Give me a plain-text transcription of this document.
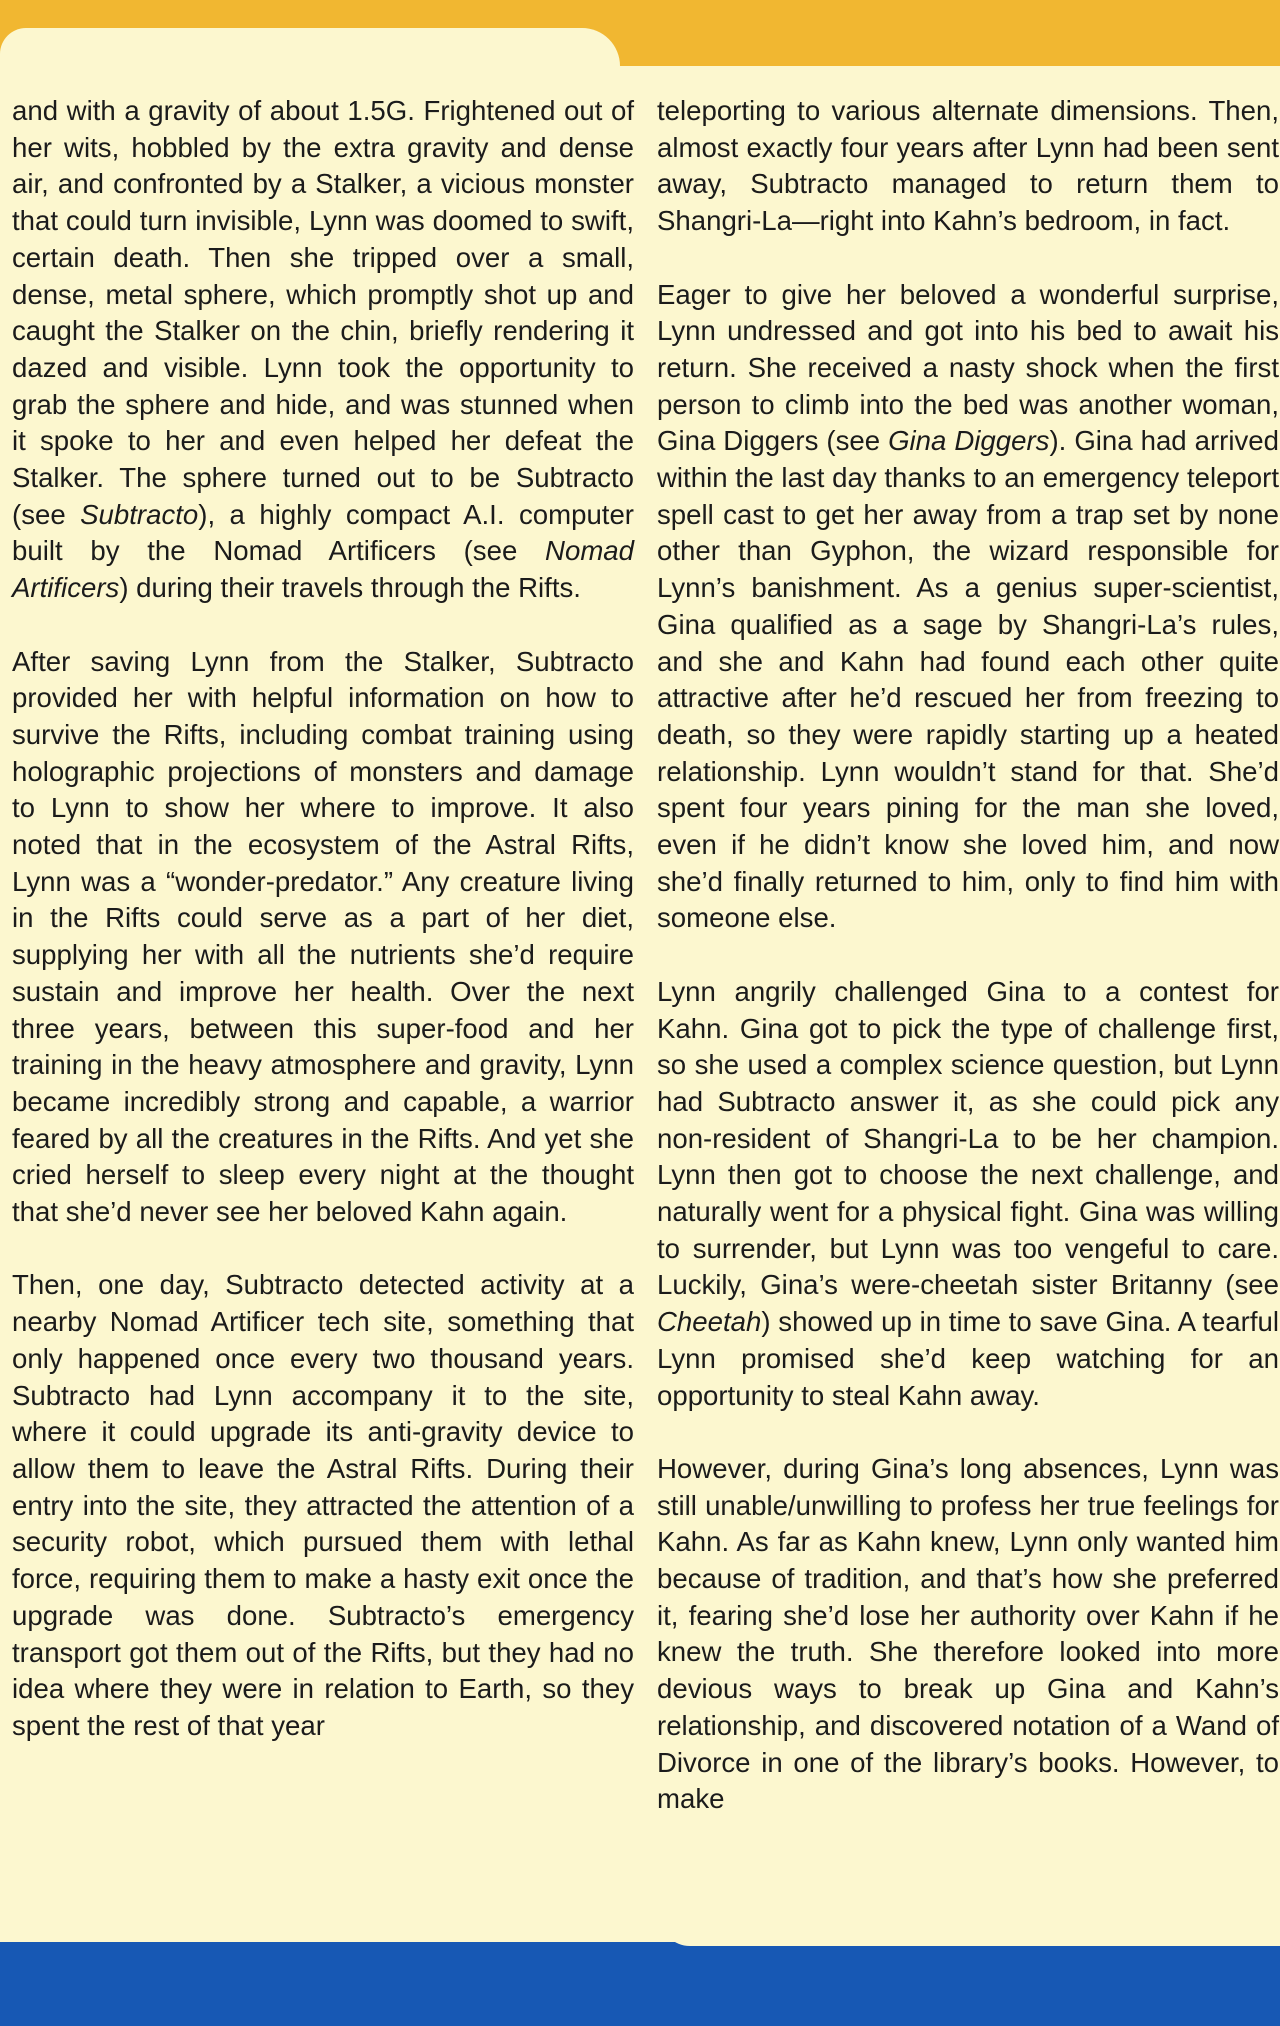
and with a gravity of about 1.5G. Frightened out of her wits, hobbled by the extra gravity and dense air, and confronted by a Stalker, a vicious monster that could turn invisible, Lynn was doomed to swift, certain death. Then she tripped over a small, dense, metal sphere, which promptly shot up and caught the Stalker on the chin, briefly rendering it dazed and visible. Lynn took the opportunity to grab the sphere and hide, and was stunned when it spoke to her and even helped her defeat the Stalker. The sphere turned out to be Subtracto (see Subtracto), a highly compact A.I. computer built by the Nomad Artificers (see Nomad Artificers) during their travels through the Rifts.

After saving Lynn from the Stalker, Subtracto provided her with helpful information on how to survive the Rifts, including combat training using holographic projections of monsters and damage to Lynn to show her where to improve. It also noted that in the ecosystem of the Astral Rifts, Lynn was a “wonder-predator.” Any creature living in the Rifts could serve as a part of her diet, supplying her with all the nutrients she’d require sustain and improve her health. Over the next three years, between this super-food and her training in the heavy atmosphere and gravity, Lynn became incredibly strong and capable, a warrior feared by all the creatures in the Rifts. And yet she cried herself to sleep every night at the thought that she’d never see her beloved Kahn again.

Then, one day, Subtracto detected activity at a nearby Nomad Artificer tech site, something that only happened once every two thousand years. Subtracto had Lynn accompany it to the site, where it could upgrade its anti-gravity device to allow them to leave the Astral Rifts. During their entry into the site, they attracted the attention of a security robot, which pursued them with lethal force, requiring them to make a hasty exit once the upgrade was done. Subtracto’s emergency transport got them out of the Rifts, but they had no idea where they were in relation to Earth, so they spent the rest of that year

teleporting to various alternate dimensions. Then, almost exactly four years after Lynn had been sent away, Subtracto managed to return them to Shangri-La—right into Kahn’s bedroom, in fact.

Eager to give her beloved a wonderful surprise, Lynn undressed and got into his bed to await his return. She received a nasty shock when the first person to climb into the bed was another woman, Gina Diggers (see Gina Diggers). Gina had arrived within the last day thanks to an emergency teleport spell cast to get her away from a trap set by none other than Gyphon, the wizard responsible for Lynn’s banishment. As a genius super-scientist, Gina qualified as a sage by Shangri-La’s rules, and she and Kahn had found each other quite attractive after he’d rescued her from freezing to death, so they were rapidly starting up a heated relationship. Lynn wouldn’t stand for that. She’d spent four years pining for the man she loved, even if he didn’t know she loved him, and now she’d finally returned to him, only to find him with someone else.

Lynn angrily challenged Gina to a contest for Kahn. Gina got to pick the type of challenge first, so she used a complex science question, but Lynn had Subtracto answer it, as she could pick any non-resident of Shangri-La to be her champion. Lynn then got to choose the next challenge, and naturally went for a physical fight. Gina was willing to surrender, but Lynn was too vengeful to care. Luckily, Gina’s were-cheetah sister Britanny (see Cheetah) showed up in time to save Gina. A tearful Lynn promised she’d keep watching for an opportunity to steal Kahn away.

However, during Gina’s long absences, Lynn was still unable/unwilling to profess her true feelings for Kahn. As far as Kahn knew, Lynn only wanted him because of tradition, and that’s how she preferred it, fearing she’d lose her authority over Kahn if he knew the truth. She therefore looked into more devious ways to break up Gina and Kahn’s relationship, and discovered notation of a Wand of Divorce in one of the library’s books. However, to make
